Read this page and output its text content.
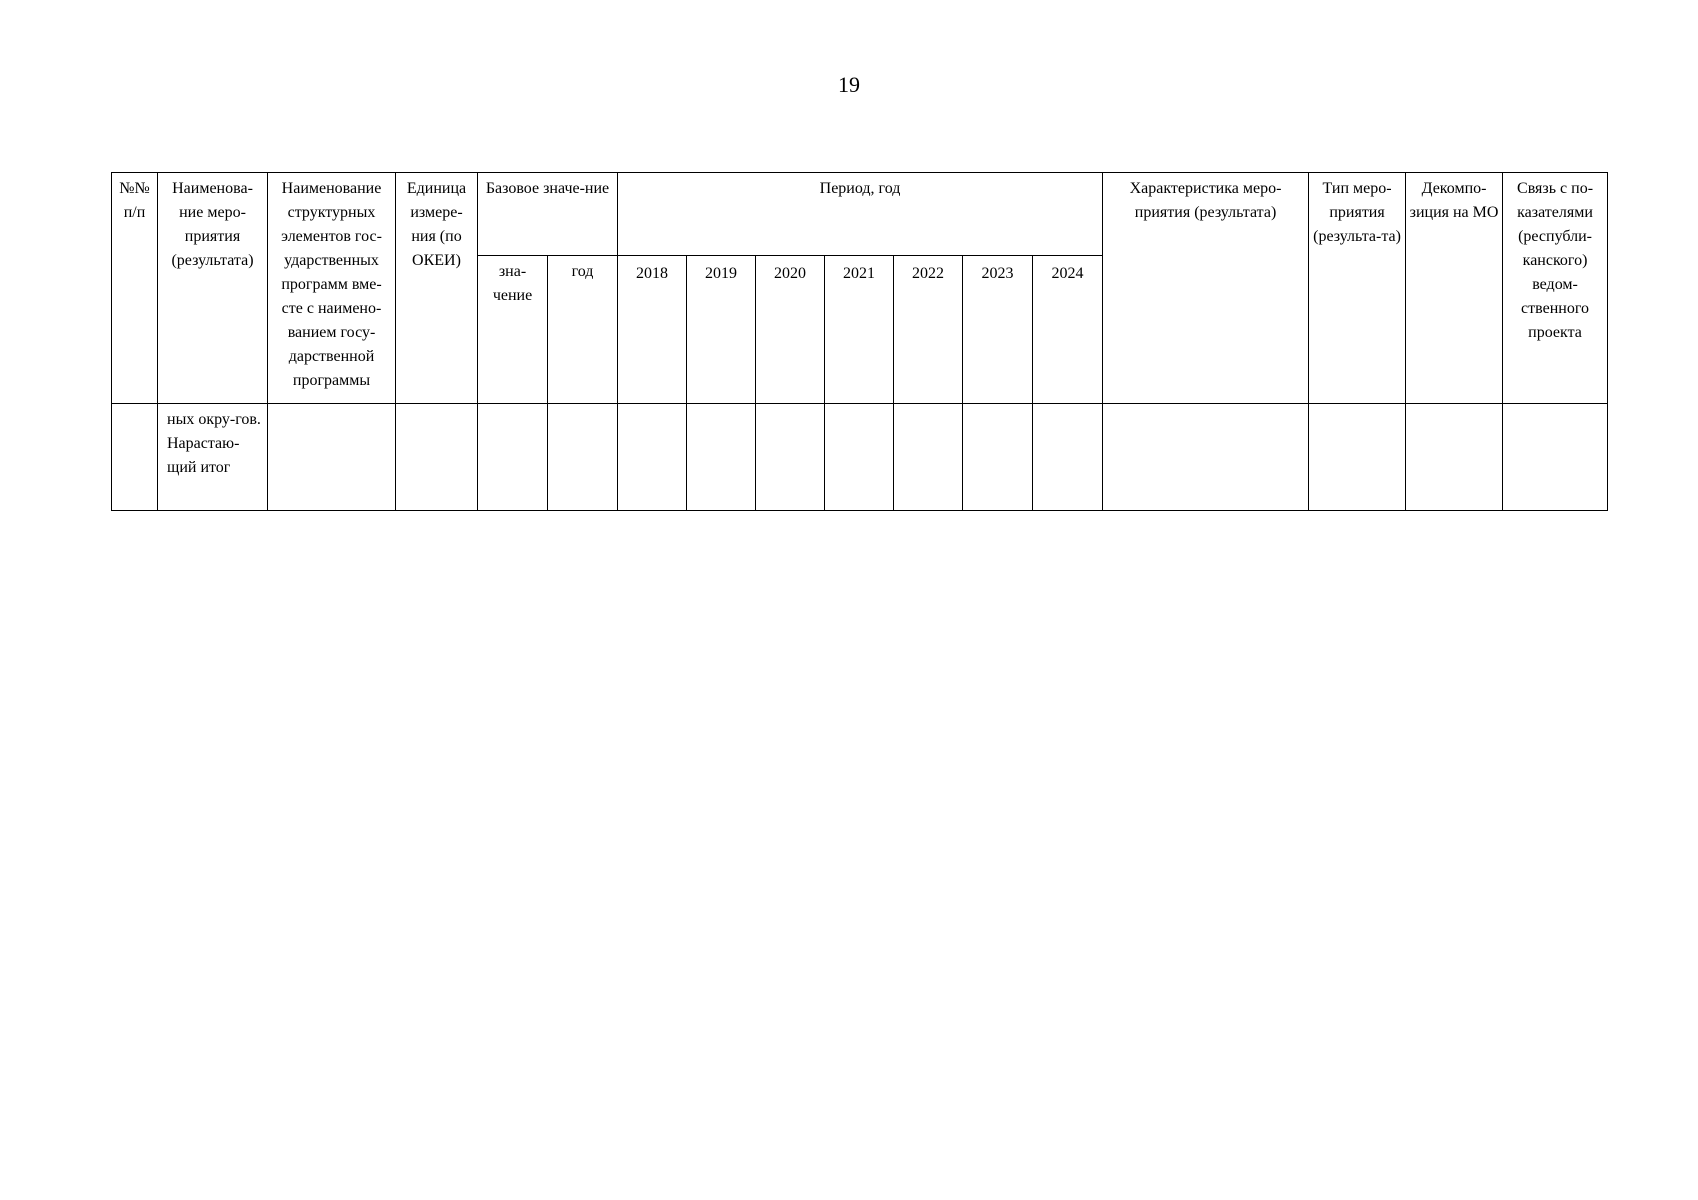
19
№№ п/п	Наименова-ние меро-приятия (результата)	Наименование структурных элементов гос-ударственных программ вме-сте с наимено-ванием госу-дарственной программы	Единица измере-ния (по ОКЕИ)	Базовое значе-ние		Период, год							Характеристика меро-приятия (результата)	Тип меро-приятия (результа-та)	Декомпо-зиция на МО	Связь с по-казателями (республи-канского) ведом-ственного проекта
				зна-чение	год	2018	2019	2020	2021	2022	2023	2024				
	ных окру-гов. Нарастаю-щий итог															
